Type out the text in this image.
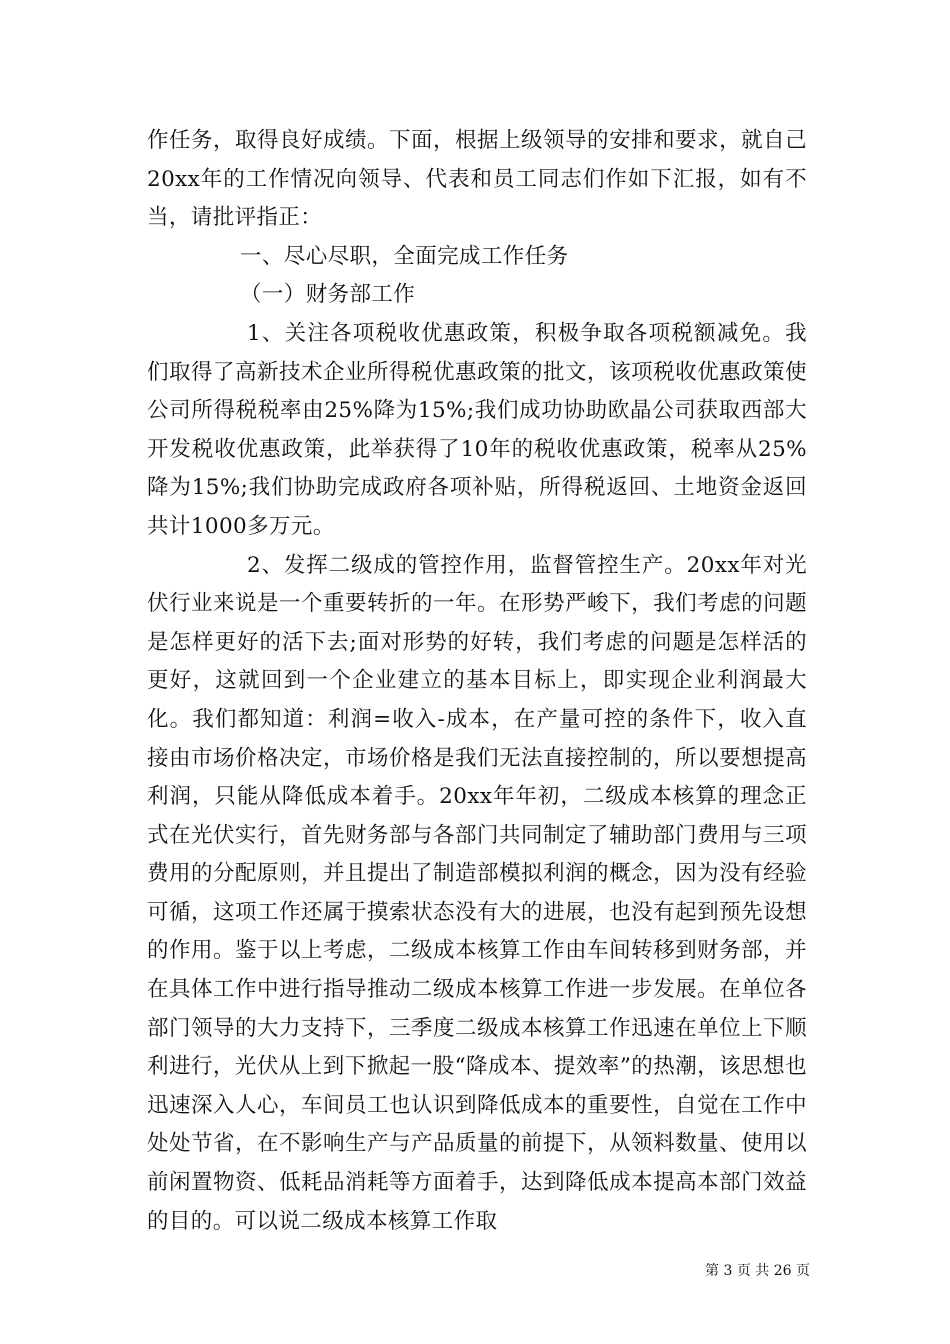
作任务，取得良好成绩。下面，根据上级领导的安排和要求，就自己20xx年的工作情况向领导、代表和员工同志们作如下汇报，如有不当，请批评指正：

一、尽心尽职，全面完成工作任务

（一）财务部工作

1、关注各项税收优惠政策，积极争取各项税额减免。我们取得了高新技术企业所得税优惠政策的批文，该项税收优惠政策使公司所得税税率由25%降为15%;我们成功协助欧晶公司获取西部大开发税收优惠政策，此举获得了10年的税收优惠政策，税率从25%降为15%;我们协助完成政府各项补贴，所得税返回、土地资金返回共计1000多万元。

2、发挥二级成的管控作用，监督管控生产。20xx年对光伏行业来说是一个重要转折的一年。在形势严峻下，我们考虑的问题是怎样更好的活下去;面对形势的好转，我们考虑的问题是怎样活的更好，这就回到一个企业建立的基本目标上，即实现企业利润最大化。我们都知道：利润=收入-成本，在产量可控的条件下，收入直接由市场价格决定，市场价格是我们无法直接控制的，所以要想提高利润，只能从降低成本着手。20xx年年初，二级成本核算的理念正式在光伏实行，首先财务部与各部门共同制定了辅助部门费用与三项费用的分配原则，并且提出了制造部模拟利润的概念，因为没有经验可循，这项工作还属于摸索状态没有大的进展，也没有起到预先设想的作用。鉴于以上考虑，二级成本核算工作由车间转移到财务部，并在具体工作中进行指导推动二级成本核算工作进一步发展。在单位各部门领导的大力支持下，三季度二级成本核算工作迅速在单位上下顺利进行，光伏从上到下掀起一股“降成本、提效率”的热潮，该思想也迅速深入人心，车间员工也认识到降低成本的重要性，自觉在工作中处处节省，在不影响生产与产品质量的前提下，从领料数量、使用以前闲置物资、低耗品消耗等方面着手，达到降低成本提高本部门效益的目的。可以说二级成本核算工作取

第 3 页 共 26 页
